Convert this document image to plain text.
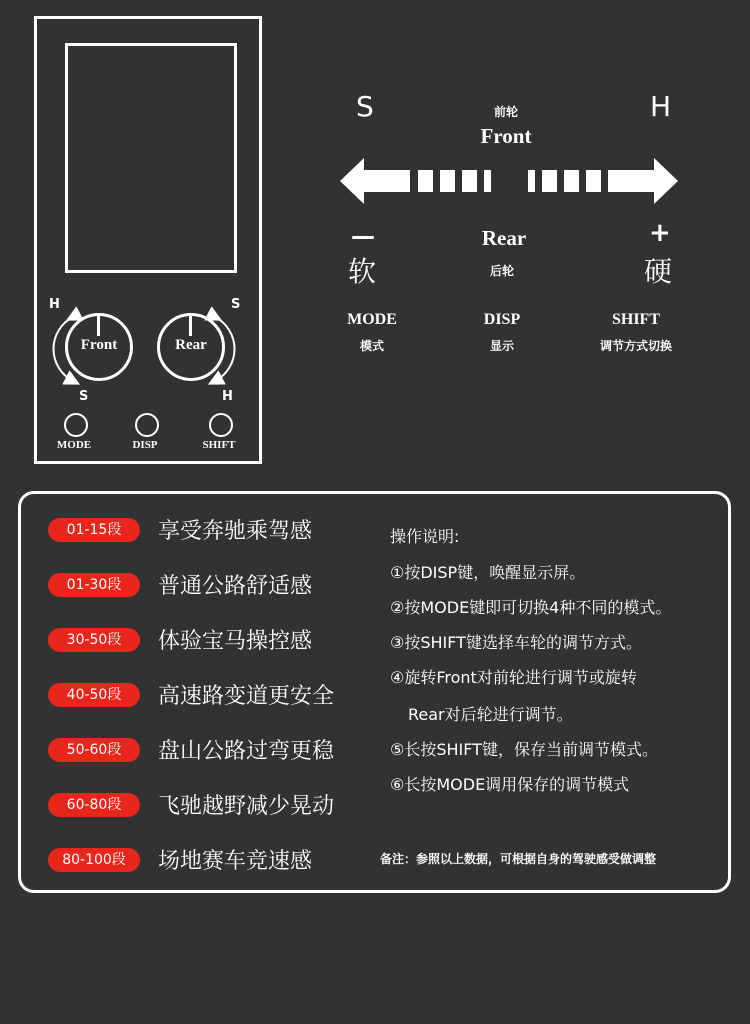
H
S
S
H
Front	Rear
MODE	DISP	SHIFT
S	H
前轮
Front
—	+
Rear
软	硬
后轮
MODE
模式
DISP
显示
SHIFT
调节方式切换
01-15段	享受奔驰乘驾感
01-30段	普通公路舒适感
30-50段	体验宝马操控感
40-50段	高速路变道更安全
50-60段	盘山公路过弯更稳
60-80段	飞驰越野减少晃动
80-100段	场地赛车竞速感
操作说明:
①按DISP键，唤醒显示屏。
②按MODE键即可切换4种不同的模式。
③按SHIFT键选择车轮的调节方式。
④旋转Front对前轮进行调节或旋转
Rear对后轮进行调节。
⑤长按SHIFT键，保存当前调节模式。
⑥长按MODE调用保存的调节模式
备注：参照以上数据，可根据自身的驾驶感受做调整
